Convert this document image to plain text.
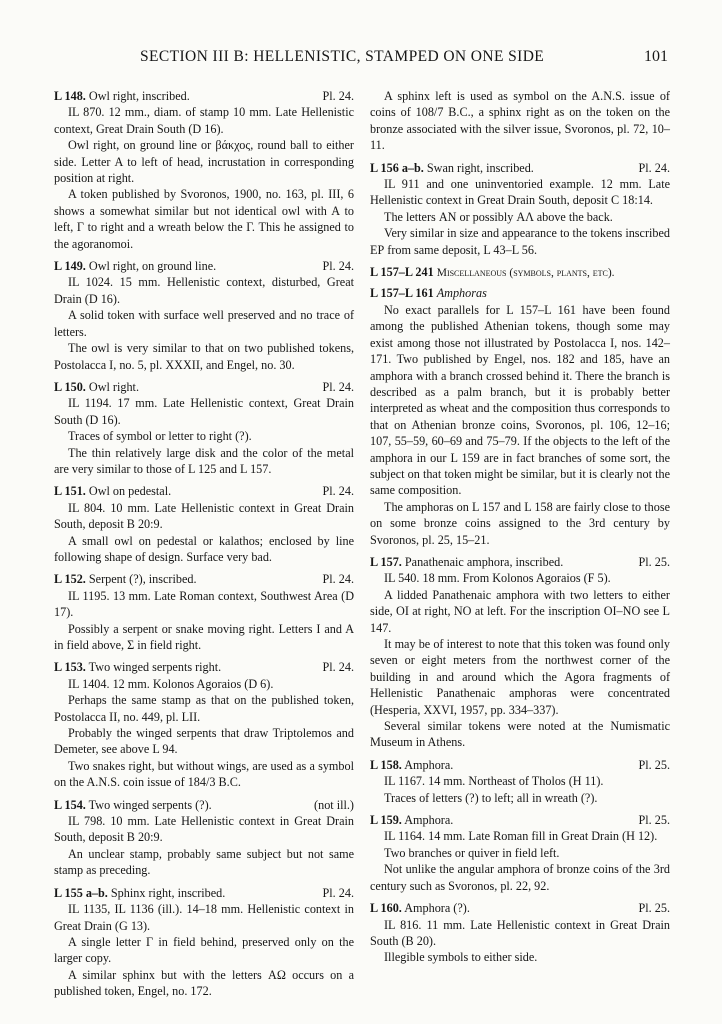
SECTION III B: HELLENISTIC, STAMPED ON ONE SIDE	101
L 148. Owl right, inscribed.	Pl. 24.

IL 870. 12 mm., diam. of stamp 10 mm. Late Hellenistic context, Great Drain South (D 16).

Owl right, on ground line or βάκχος, round ball to either side. Letter A to left of head, incrustation in corresponding position at right.

A token published by Svoronos, 1900, no. 163, pl. III, 6 shows a somewhat similar but not identical owl with A to left, Γ to right and a wreath below the Γ. This he assigned to the agoranomoi.

L 149. Owl right, on ground line.	Pl. 24.

IL 1024. 15 mm. Hellenistic context, disturbed, Great Drain (D 16).

A solid token with surface well preserved and no trace of letters.

The owl is very similar to that on two published tokens, Postolacca I, no. 5, pl. XXXII, and Engel, no. 30.

L 150. Owl right.	Pl. 24.

IL 1194. 17 mm. Late Hellenistic context, Great Drain South (D 16).

Traces of symbol or letter to right (?).

The thin relatively large disk and the color of the metal are very similar to those of L 125 and L 157.

L 151. Owl on pedestal.	Pl. 24.

IL 804. 10 mm. Late Hellenistic context in Great Drain South, deposit B 20:9.

A small owl on pedestal or kalathos; enclosed by line following shape of design. Surface very bad.

L 152. Serpent (?), inscribed.	Pl. 24.

IL 1195. 13 mm. Late Roman context, Southwest Area (D 17).

Possibly a serpent or snake moving right. Letters I and A in field above, Σ in field right.

L 153. Two winged serpents right.	Pl. 24.

IL 1404. 12 mm. Kolonos Agoraios (D 6).

Perhaps the same stamp as that on the published token, Postolacca II, no. 449, pl. LII.

Probably the winged serpents that draw Triptolemos and Demeter, see above L 94.

Two snakes right, but without wings, are used as a symbol on the A.N.S. coin issue of 184/3 B.C.

L 154. Two winged serpents (?).	(not ill.)

IL 798. 10 mm. Late Hellenistic context in Great Drain South, deposit B 20:9.

An unclear stamp, probably same subject but not same stamp as preceding.

L 155 a–b. Sphinx right, inscribed.	Pl. 24.

IL 1135, IL 1136 (ill.). 14–18 mm. Hellenistic context in Great Drain (G 13).

A single letter Γ in field behind, preserved only on the larger copy.

A similar sphinx but with the letters ΑΩ occurs on a published token, Engel, no. 172.

A sphinx left is used as symbol on the A.N.S. issue of coins of 108/7 B.C., a sphinx right as on the token on the bronze associated with the silver issue, Svoronos, pl. 72, 10–11.

L 156 a–b. Swan right, inscribed.	Pl. 24.

IL 911 and one uninventoried example. 12 mm. Late Hellenistic context in Great Drain South, deposit C 18:14.

The letters ΑΝ or possibly ΑΛ above the back.

Very similar in size and appearance to the tokens inscribed ΕΡ from same deposit, L 43–L 56.

L 157–L 241 Miscellaneous (symbols, plants, etc).
L 157–L 161 Amphoras

No exact parallels for L 157–L 161 have been found among the published Athenian tokens, though some may exist among those not illustrated by Postolacca I, nos. 142–171. Two published by Engel, nos. 182 and 185, have an amphora with a branch crossed behind it. There the branch is described as a palm branch, but it is probably better interpreted as wheat and the composition thus corresponds to that on Athenian bronze coins, Svoronos, pl. 106, 12–16; 107, 55–59, 60–69 and 75–79. If the objects to the left of the amphora in our L 159 are in fact branches of some sort, the subject on that token might be similar, but it is clearly not the same composition.

The amphoras on L 157 and L 158 are fairly close to those on some bronze coins assigned to the 3rd century by Svoronos, pl. 25, 15–21.

L 157. Panathenaic amphora, inscribed.	Pl. 25.

IL 540. 18 mm. From Kolonos Agoraios (F 5).

A lidded Panathenaic amphora with two letters to either side, ΟΙ at right, ΝΟ at left. For the inscription ΟΙ–ΝΟ see L 147.

It may be of interest to note that this token was found only seven or eight meters from the northwest corner of the building in and around which the Agora fragments of Hellenistic Panathenaic amphoras were concentrated (Hesperia, XXVI, 1957, pp. 334–337).

Several similar tokens were noted at the Numismatic Museum in Athens.

L 158. Amphora.	Pl. 25.

IL 1167. 14 mm. Northeast of Tholos (H 11).

Traces of letters (?) to left; all in wreath (?).

L 159. Amphora.	Pl. 25.

IL 1164. 14 mm. Late Roman fill in Great Drain (H 12).

Two branches or quiver in field left.

Not unlike the angular amphora of bronze coins of the 3rd century such as Svoronos, pl. 22, 92.

L 160. Amphora (?).	Pl. 25.

IL 816. 11 mm. Late Hellenistic context in Great Drain South (B 20).

Illegible symbols to either side.
